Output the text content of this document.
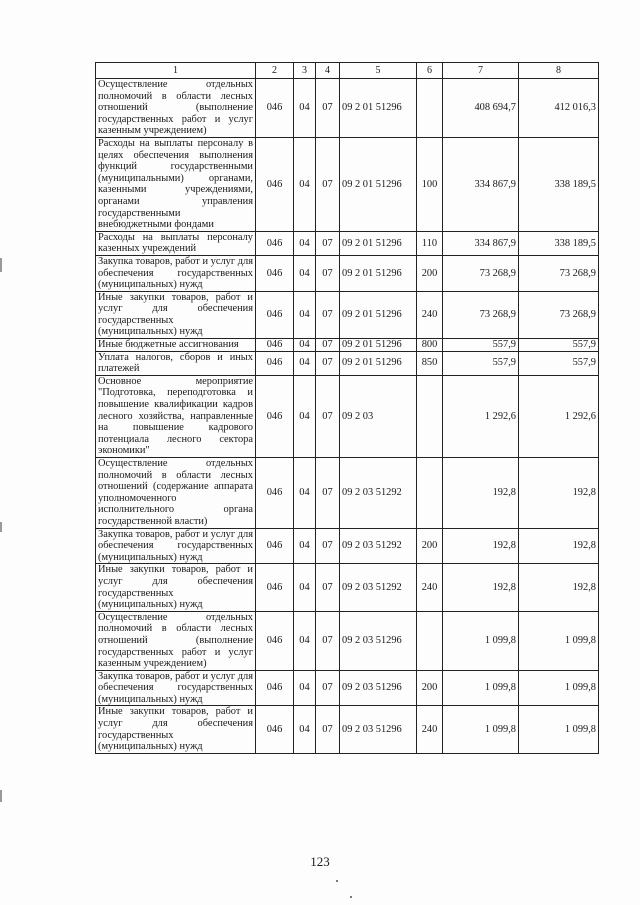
1	2	3	4	5	6	7	8
Осуществление отдельных полномочий в области лесных отношений (выполнение государственных работ и услуг казенным учреждением)	046	04	07	09 2 01 51296		408 694,7	412 016,3
Расходы на выплаты персоналу в целях обеспечения выполнения функций государственными (муниципальными) органами, казенными учреждениями, органами управления государственными внебюджетными фондами	046	04	07	09 2 01 51296	100	334 867,9	338 189,5
Расходы на выплаты персоналу казенных учреждений	046	04	07	09 2 01 51296	110	334 867,9	338 189,5
Закупка товаров, работ и услуг для обеспечения государственных (муниципальных) нужд	046	04	07	09 2 01 51296	200	73 268,9	73 268,9
Иные закупки товаров, работ и услуг для обеспечения государственных (муниципальных) нужд	046	04	07	09 2 01 51296	240	73 268,9	73 268,9
Иные бюджетные ассигнования	046	04	07	09 2 01 51296	800	557,9	557,9
Уплата налогов, сборов и иных платежей	046	04	07	09 2 01 51296	850	557,9	557,9
Основное мероприятие "Подготовка, переподготовка и повышение квалификации кадров лесного хозяйства, направленные на повышение кадрового потенциала лесного сектора экономики"	046	04	07	09 2 03		1 292,6	1 292,6
Осуществление отдельных полномочий в области лесных отношений (содержание аппарата уполномоченного исполнительного органа государственной власти)	046	04	07	09 2 03 51292		192,8	192,8
Закупка товаров, работ и услуг для обеспечения государственных (муниципальных) нужд	046	04	07	09 2 03 51292	200	192,8	192,8
Иные закупки товаров, работ и услуг для обеспечения государственных (муниципальных) нужд	046	04	07	09 2 03 51292	240	192,8	192,8
Осуществление отдельных полномочий в области лесных отношений (выполнение государственных работ и услуг казенным учреждением)	046	04	07	09 2 03 51296		1 099,8	1 099,8
Закупка товаров, работ и услуг для обеспечения государственных (муниципальных) нужд	046	04	07	09 2 03 51296	200	1 099,8	1 099,8
Иные закупки товаров, работ и услуг для обеспечения государственных (муниципальных) нужд	046	04	07	09 2 03 51296	240	1 099,8	1 099,8
123
